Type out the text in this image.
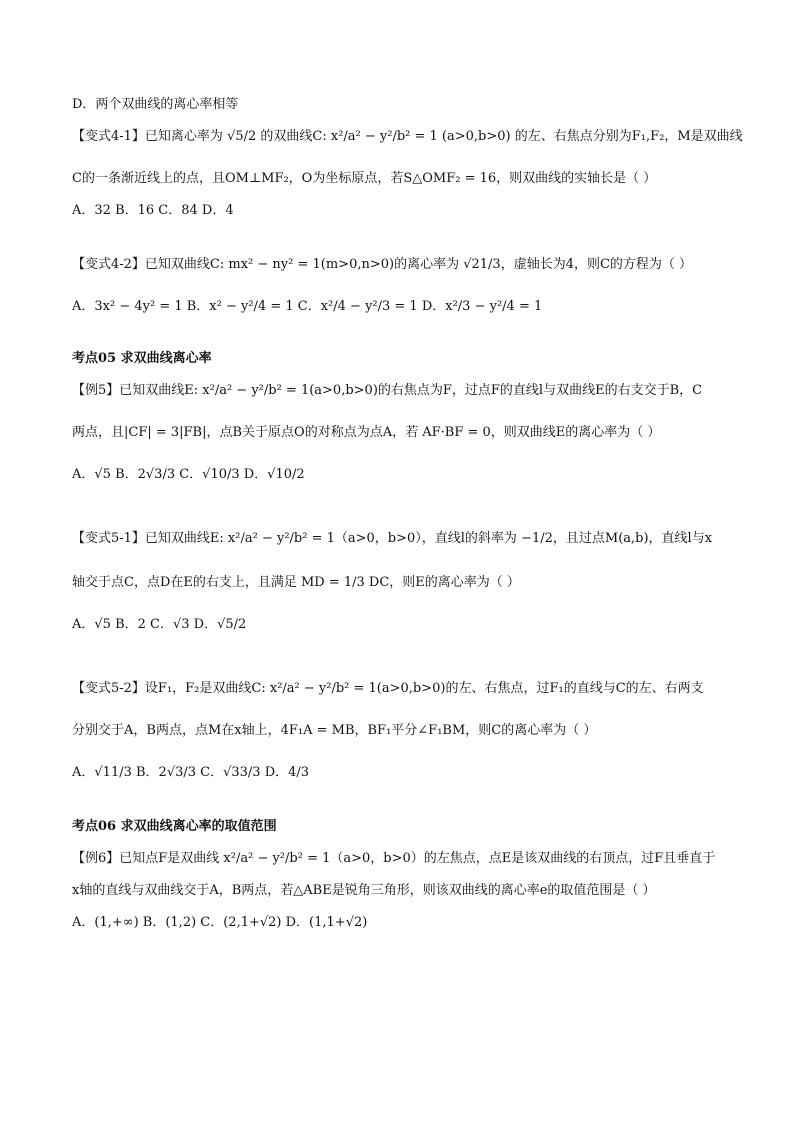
D．两个双曲线的离心率相等
【变式4-1】已知离心率为 √5/2 的双曲线C: x²/a² − y²/b² = 1 (a>0,b>0) 的左、右焦点分别为F₁,F₂，M是双曲线
C的一条渐近线上的点，且OM⊥MF₂，O为坐标原点，若S△OMF₂ = 16，则双曲线的实轴长是（ ）
A．32 B．16 C．84 D．4
【变式4-2】已知双曲线C: mx² − ny² = 1(m>0,n>0)的离心率为 √21/3，虚轴长为4，则C的方程为（ ）
A．3x² − 4y² = 1 B．x² − y²/4 = 1 C．x²/4 − y²/3 = 1 D．x²/3 − y²/4 = 1
考点05 求双曲线离心率
【例5】已知双曲线E: x²/a² − y²/b² = 1(a>0,b>0)的右焦点为F，过点F的直线l与双曲线E的右支交于B，C
两点，且|CF| = 3|FB|，点B关于原点O的对称点为点A，若 AF·BF = 0，则双曲线E的离心率为（ ）
A．√5 B．2√3/3 C．√10/3 D．√10/2
【变式5-1】已知双曲线E: x²/a² − y²/b² = 1（a>0，b>0），直线l的斜率为 −1/2，且过点M(a,b)，直线l与x
轴交于点C，点D在E的右支上，且满足 MD = 1/3 DC，则E的离心率为（ ）
A．√5 B．2 C．√3 D．√5/2
【变式5-2】设F₁，F₂是双曲线C: x²/a² − y²/b² = 1(a>0,b>0)的左、右焦点，过F₁的直线与C的左、右两支
分别交于A，B两点，点M在x轴上，4F₁A = MB，BF₁平分∠F₁BM，则C的离心率为（ ）
A．√11/3 B．2√3/3 C．√33/3 D．4/3
考点06 求双曲线离心率的取值范围
【例6】已知点F是双曲线 x²/a² − y²/b² = 1（a>0，b>0）的左焦点，点E是该双曲线的右顶点，过F且垂直于
x轴的直线与双曲线交于A，B两点，若△ABE是锐角三角形，则该双曲线的离心率e的取值范围是（ ）
A．(1,+∞) B．(1,2) C．(2,1+√2) D．(1,1+√2)
